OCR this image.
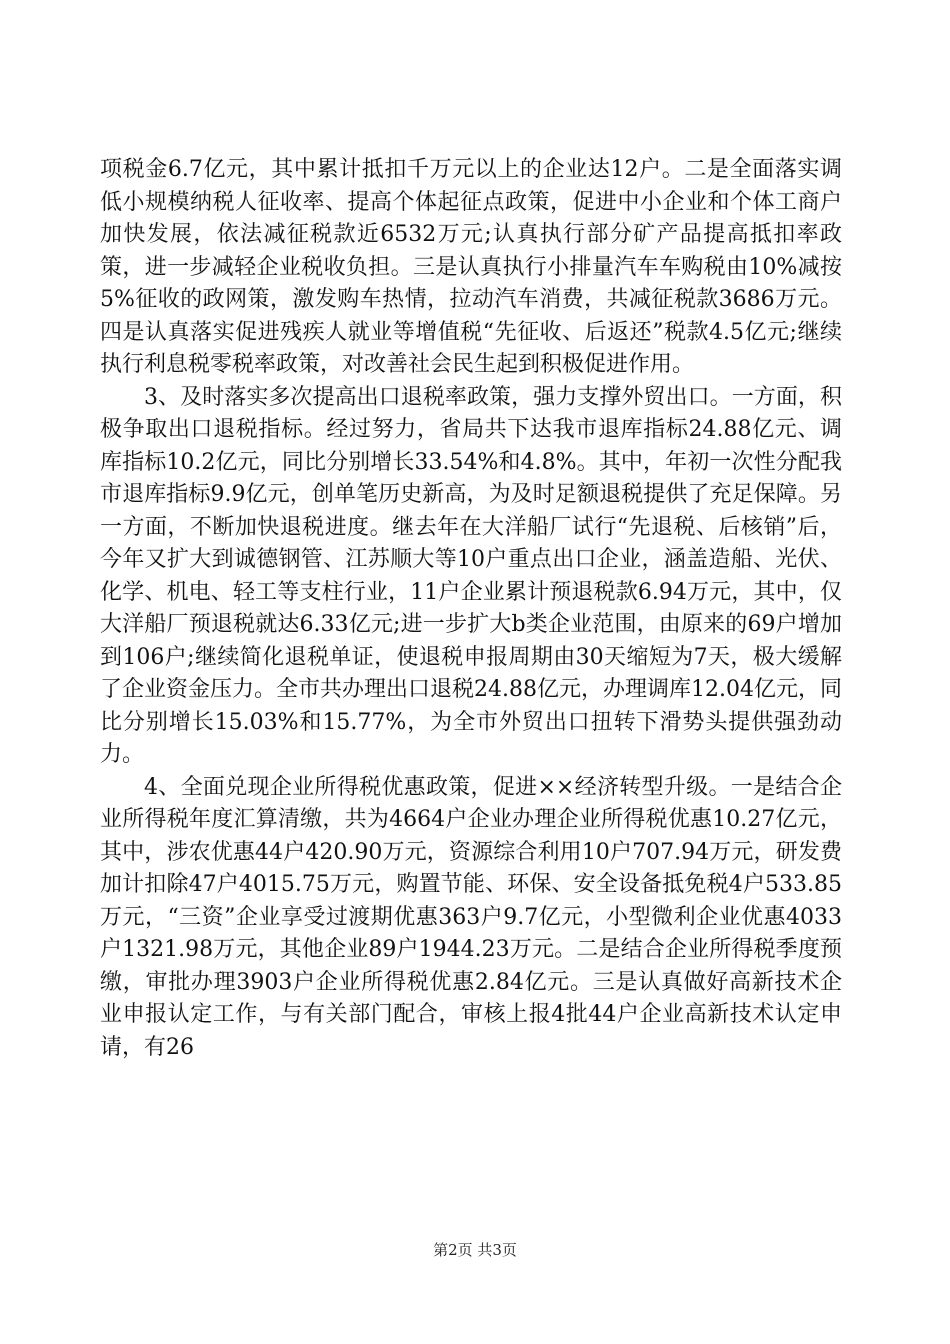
项税金6.7亿元，其中累计抵扣千万元以上的企业达12户。二是全面落实调低小规模纳税人征收率、提高个体起征点政策，促进中小企业和个体工商户加快发展，依法减征税款近6532万元;认真执行部分矿产品提高抵扣率政策，进一步减轻企业税收负担。三是认真执行小排量汽车车购税由10%减按5%征收的政网策，激发购车热情，拉动汽车消费，共减征税款3686万元。四是认真落实促进残疾人就业等增值税“先征收、后返还”税款4.5亿元;继续执行利息税零税率政策，对改善社会民生起到积极促进作用。

3、及时落实多次提高出口退税率政策，强力支撑外贸出口。一方面，积极争取出口退税指标。经过努力，省局共下达我市退库指标24.88亿元、调库指标10.2亿元，同比分别增长33.54%和4.8%。其中，年初一次性分配我市退库指标9.9亿元，创单笔历史新高，为及时足额退税提供了充足保障。另一方面，不断加快退税进度。继去年在大洋船厂试行“先退税、后核销”后，今年又扩大到诚德钢管、江苏顺大等10户重点出口企业，涵盖造船、光伏、化学、机电、轻工等支柱行业，11户企业累计预退税款6.94万元，其中，仅大洋船厂预退税就达6.33亿元;进一步扩大b类企业范围，由原来的69户增加到106户;继续简化退税单证，使退税申报周期由30天缩短为7天，极大缓解了企业资金压力。全市共办理出口退税24.88亿元，办理调库12.04亿元，同比分别增长15.03%和15.77%，为全市外贸出口扭转下滑势头提供强劲动力。

4、全面兑现企业所得税优惠政策，促进××经济转型升级。一是结合企业所得税年度汇算清缴，共为4664户企业办理企业所得税优惠10.27亿元，其中，涉农优惠44户420.90万元，资源综合利用10户707.94万元，研发费加计扣除47户4015.75万元，购置节能、环保、安全设备抵免税4户533.85万元，“三资”企业享受过渡期优惠363户9.7亿元，小型微利企业优惠4033户1321.98万元，其他企业89户1944.23万元。二是结合企业所得税季度预缴，审批办理3903户企业所得税优惠2.84亿元。三是认真做好高新技术企业申报认定工作，与有关部门配合，审核上报4批44户企业高新技术认定申请，有26

第2页 共3页
